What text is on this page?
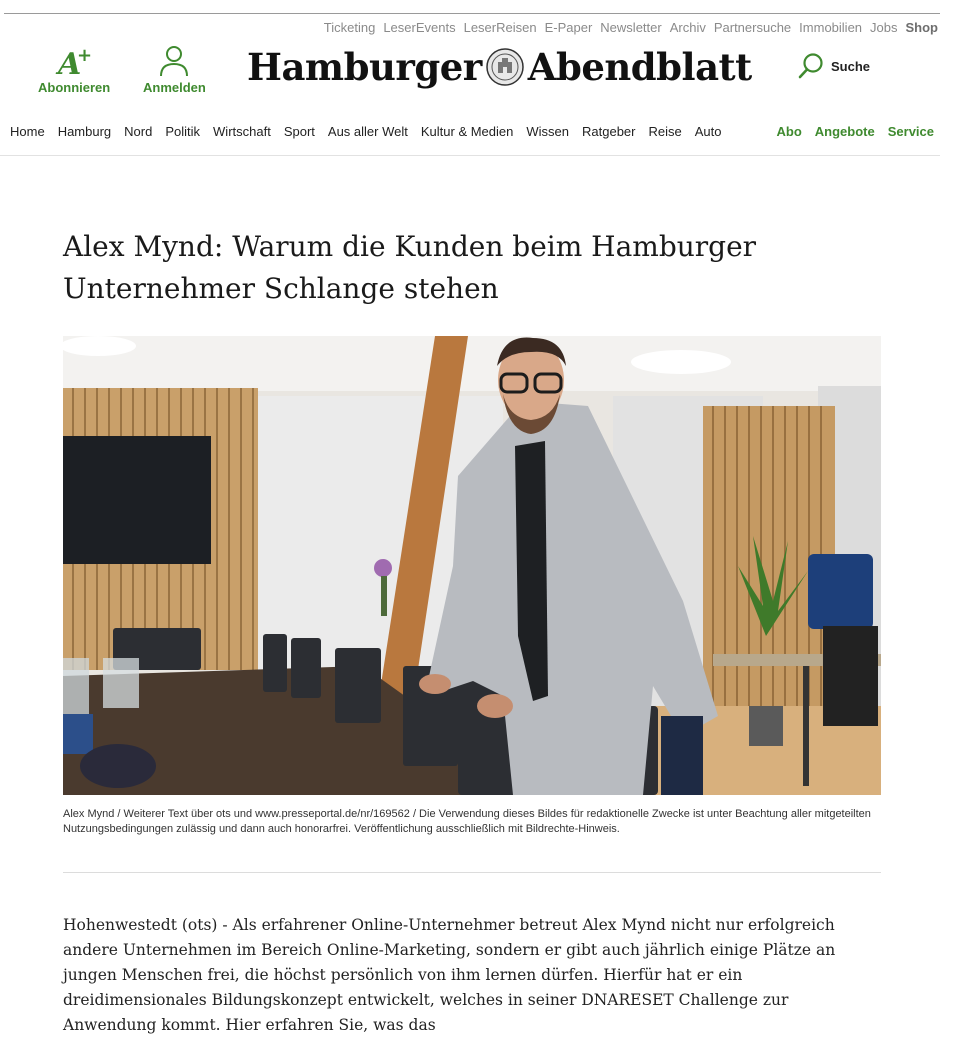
Ticketing LeserEvents LeserReisen E-Paper Newsletter Archiv Partnersuche Immobilien Jobs Shop
A
+
Abonnieren	Anmelden Hamburger Abendblatt	Suche
Home Hamburg Nord Politik Wirtschaft Sport Aus aller Welt Kultur & Medien Wissen Ratgeber Reise Auto	Abo Angebote Service
Alex Mynd: Warum die Kunden beim Hamburger Unternehmer Schlange stehen
Alex Mynd / Weiterer Text über ots und www.presseportal.de/nr/169562 / Die Verwendung dieses Bildes für redaktionelle Zwecke ist unter Beachtung aller mitgeteilten Nutzungsbedingungen zulässig und dann auch honorarfrei. Veröffentlichung ausschließlich mit Bildrechte-Hinweis.

Hohenwestedt (ots) - Als erfahrener Online-Unternehmer betreut Alex Mynd nicht nur erfolgreich andere Unternehmen im Bereich Online-Marketing, sondern er gibt auch jährlich einige Plätze an jungen Menschen frei, die höchst persönlich von ihm lernen dürfen. Hierfür hat er ein dreidimensionales Bildungskonzept entwickelt, welches in seiner DNARESET Challenge zur Anwendung kommt. Hier erfahren Sie, was das
